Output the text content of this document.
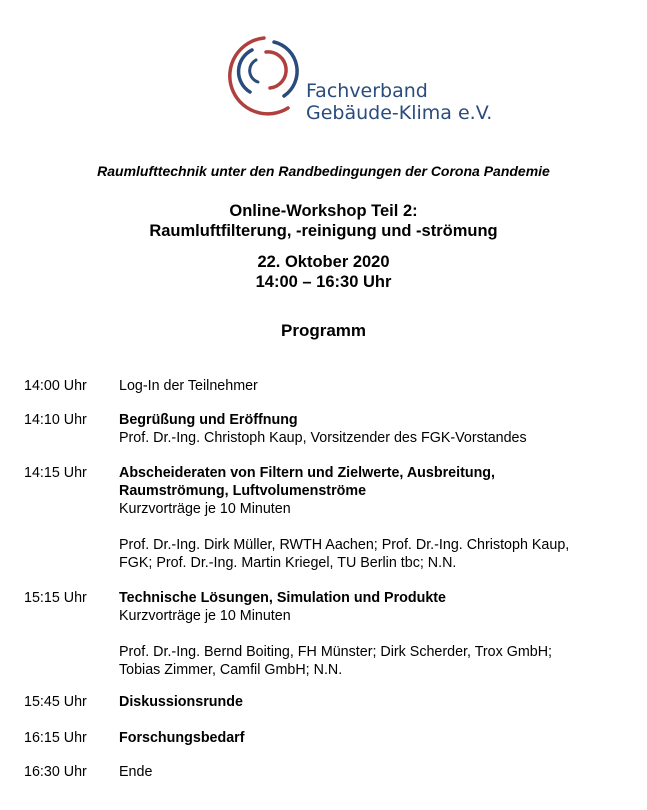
Fachverband
Gebäude-Klima e.V.
Raumlufttechnik unter den Randbedingungen der Corona Pandemie
Online-Workshop Teil 2:
Raumluftfilterung, -reinigung und -strömung
22. Oktober 2020
14:00 – 16:30 Uhr
Programm
14:00 Uhr Log-In der Teilnehmer
14:10 Uhr Begrüßung und Eröffnung
Prof. Dr.-Ing. Christoph Kaup, Vorsitzender des FGK-Vorstandes
14:15 Uhr Abscheideraten von Filtern und Zielwerte, Ausbreitung,
Raumströmung, Luftvolumenströme
Kurzvorträge je 10 Minuten
Prof. Dr.-Ing. Dirk Müller, RWTH Aachen; Prof. Dr.-Ing. Christoph Kaup,
FGK; Prof. Dr.-Ing. Martin Kriegel, TU Berlin tbc; N.N.
15:15 Uhr Technische Lösungen, Simulation und Produkte
Kurzvorträge je 10 Minuten
Prof. Dr.-Ing. Bernd Boiting, FH Münster; Dirk Scherder, Trox GmbH;
Tobias Zimmer, Camfil GmbH; N.N.
15:45 Uhr Diskussionsrunde
16:15 Uhr Forschungsbedarf
16:30 Uhr Ende
